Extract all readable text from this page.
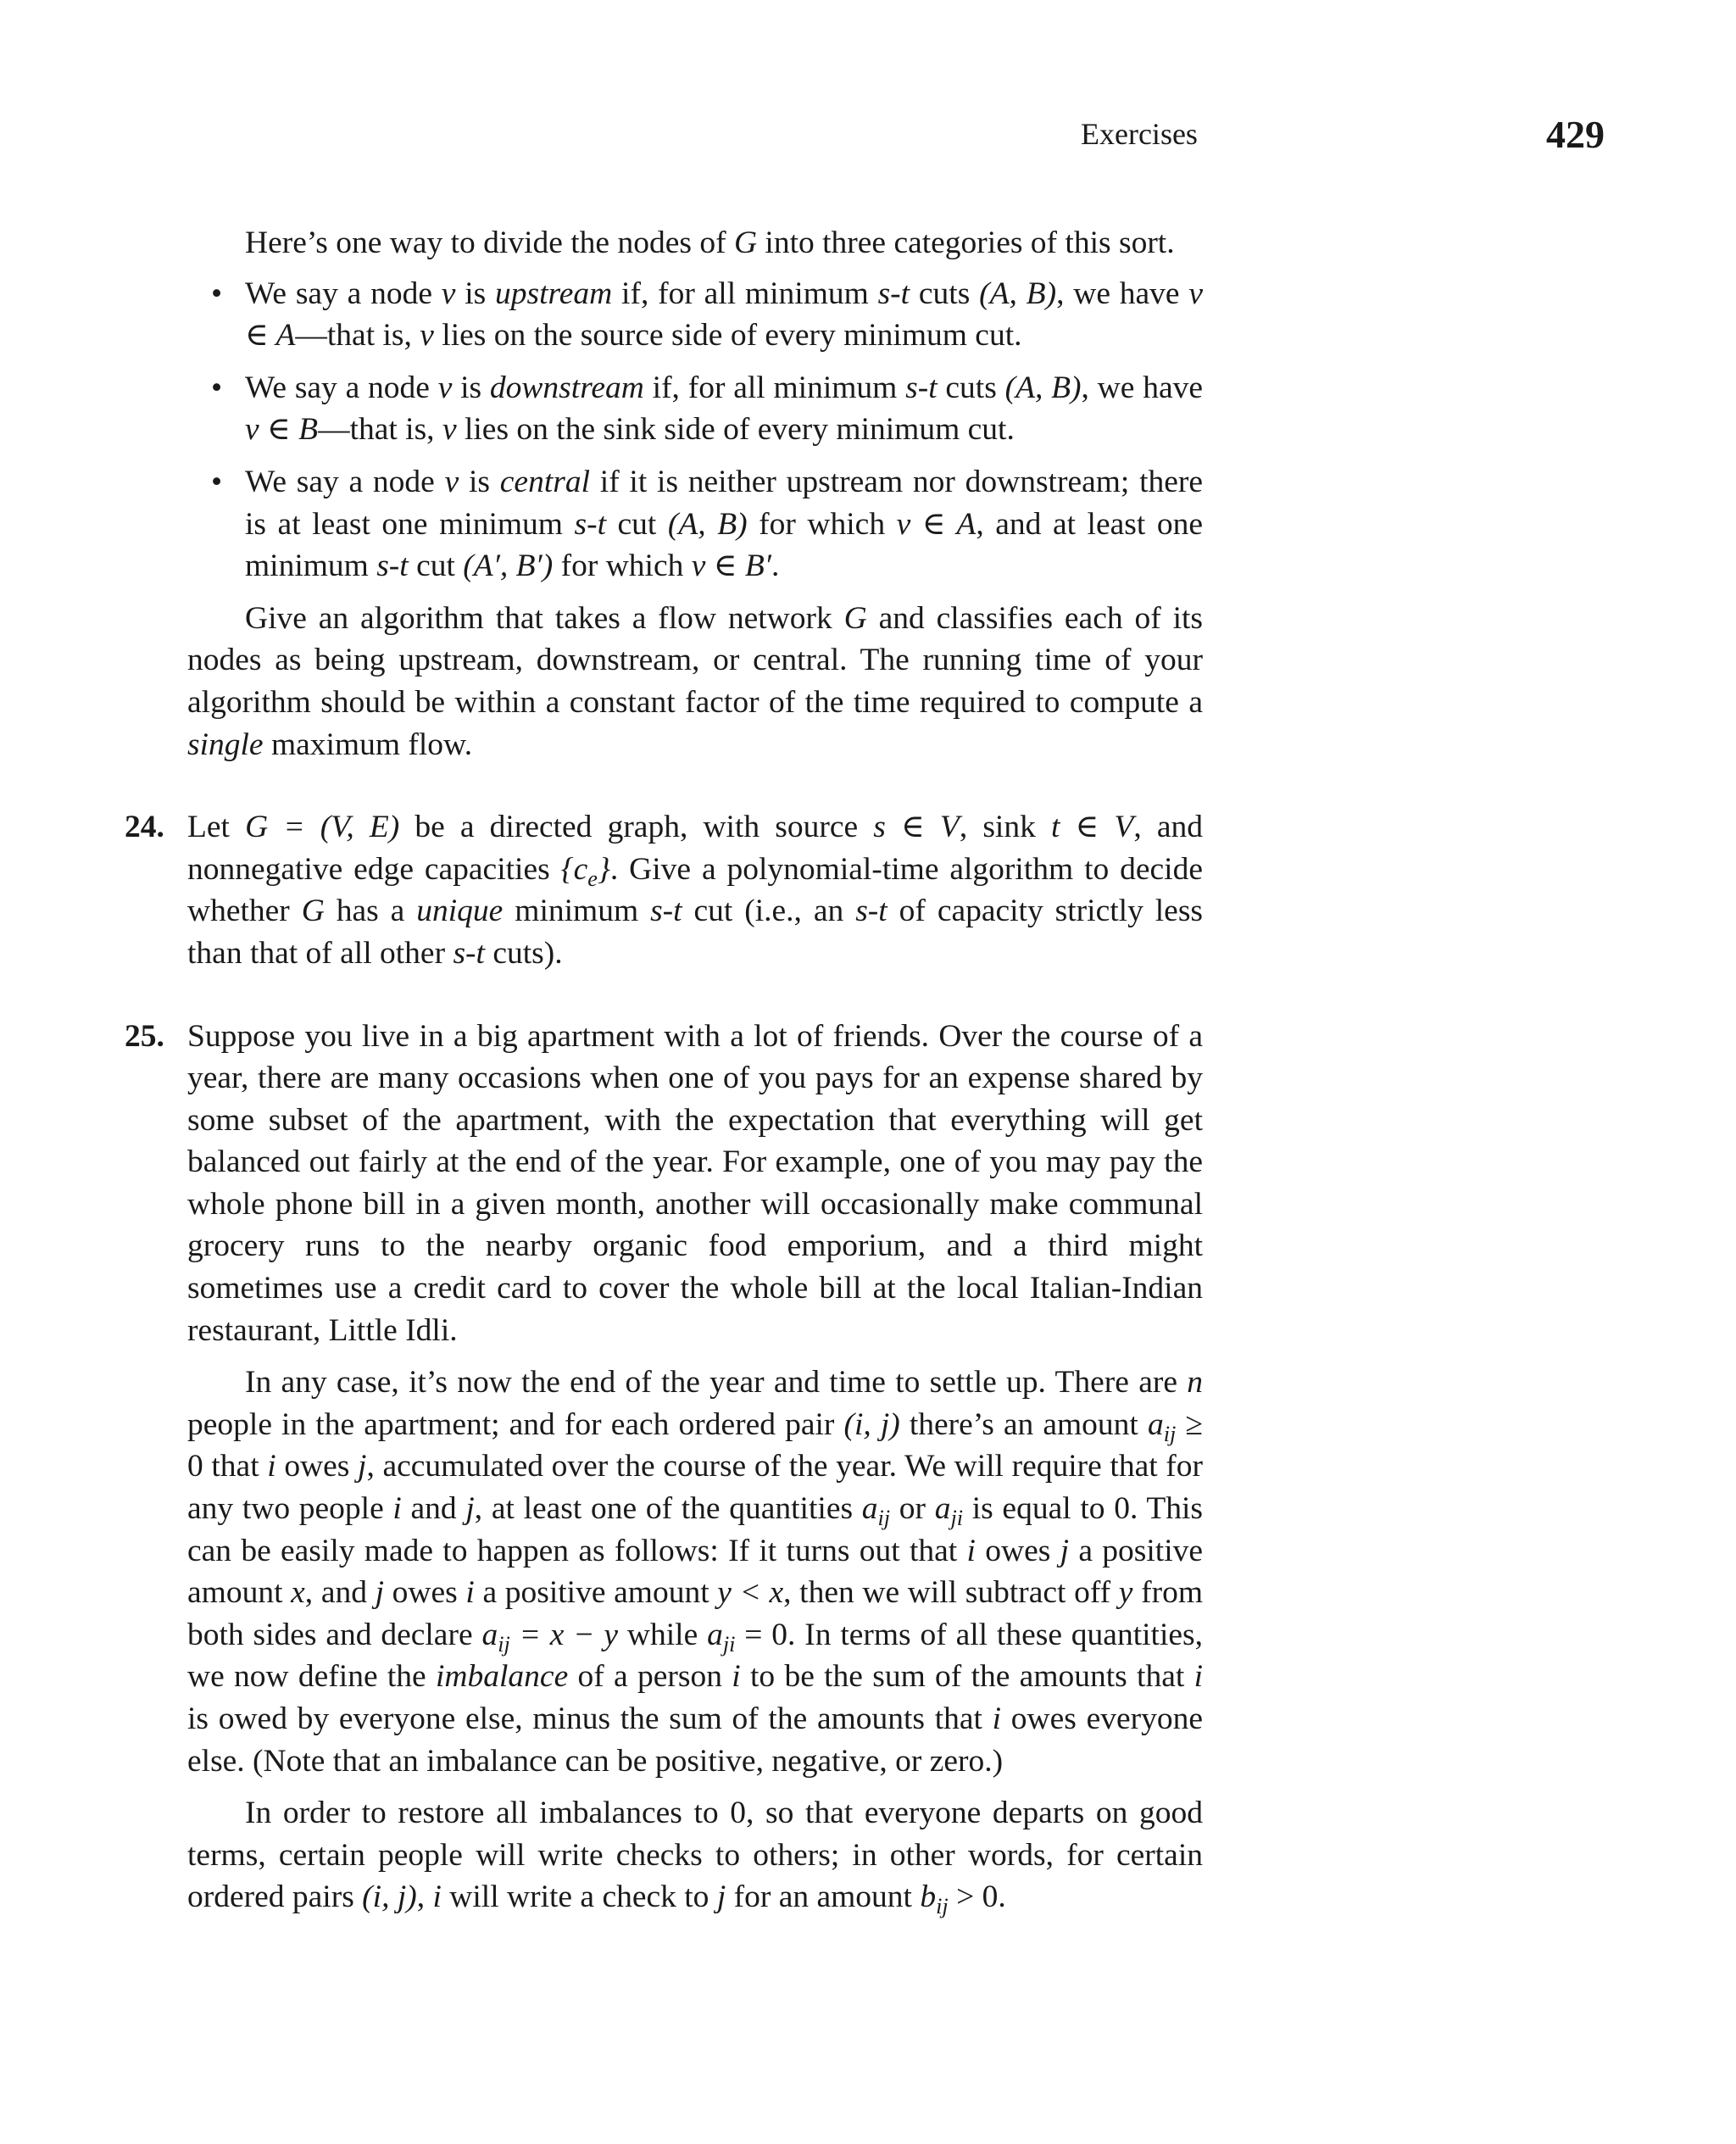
Exercises	429

Here’s one way to divide the nodes of G into three categories of this sort.

• We say a node v is upstream if, for all minimum s-t cuts (A, B), we have v ∈ A—that is, v lies on the source side of every minimum cut.
• We say a node v is downstream if, for all minimum s-t cuts (A, B), we have v ∈ B—that is, v lies on the sink side of every minimum cut.
• We say a node v is central if it is neither upstream nor downstream; there is at least one minimum s-t cut (A, B) for which v ∈ A, and at least one minimum s-t cut (A′, B′) for which v ∈ B′.

Give an algorithm that takes a flow network G and classifies each of its nodes as being upstream, downstream, or central. The running time of your algorithm should be within a constant factor of the time required to compute a single maximum flow.

24. Let G = (V, E) be a directed graph, with source s ∈ V, sink t ∈ V, and nonnegative edge capacities $\{c_e\}$. Give a polynomial-time algorithm to decide whether G has a unique minimum s-t cut (i.e., an s-t of capacity strictly less than that of all other s-t cuts).

25. Suppose you live in a big apartment with a lot of friends. Over the course of a year, there are many occasions when one of you pays for an expense shared by some subset of the apartment, with the expectation that everything will get balanced out fairly at the end of the year. For example, one of you may pay the whole phone bill in a given month, another will occasionally make communal grocery runs to the nearby organic food emporium, and a third might sometimes use a credit card to cover the whole bill at the local Italian-Indian restaurant, Little Idli.

In any case, it’s now the end of the year and time to settle up. There are n people in the apartment; and for each ordered pair (i, j) there’s an amount $a_{ij} \ge 0$ that i owes j, accumulated over the course of the year. We will require that for any two people i and j, at least one of the quantities $a_{ij}$ or $a_{ji}$ is equal to 0. This can be easily made to happen as follows: If it turns out that i owes j a positive amount x, and j owes i a positive amount y < x, then we will subtract off y from both sides and declare $a_{ij} = x - y$ while $a_{ji} = 0$. In terms of all these quantities, we now define the imbalance of a person i to be the sum of the amounts that i is owed by everyone else, minus the sum of the amounts that i owes everyone else. (Note that an imbalance can be positive, negative, or zero.)

In order to restore all imbalances to 0, so that everyone departs on good terms, certain people will write checks to others; in other words, for certain ordered pairs (i, j), i will write a check to j for an amount $b_{ij} > 0$.
